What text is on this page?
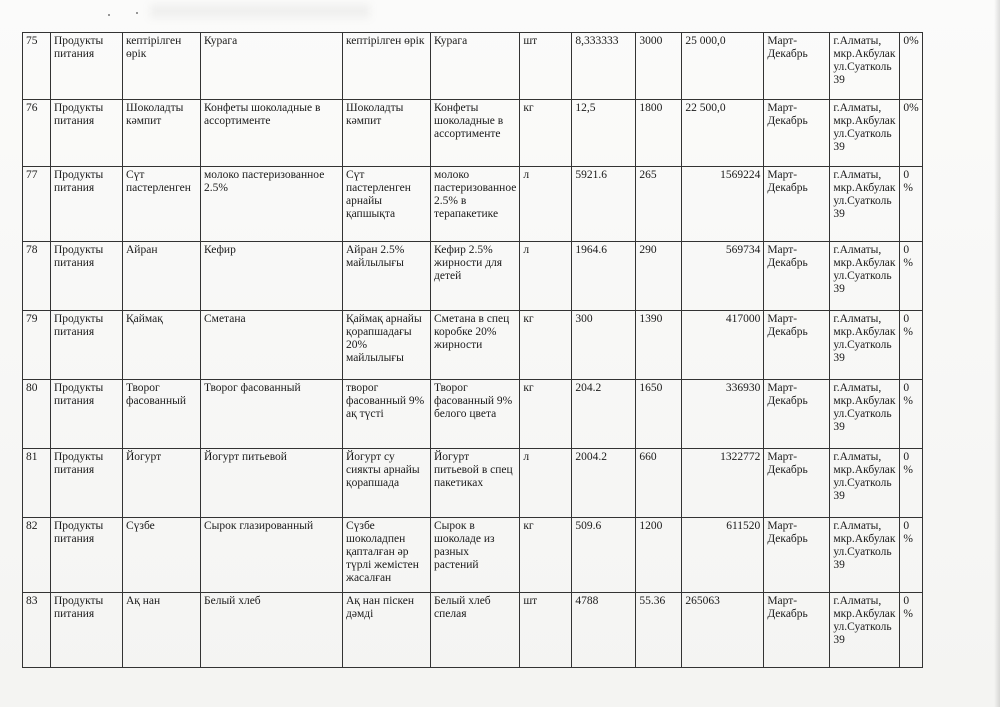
75	Продукты питания	кептірілген өрік	Курага	кептірілген өрік	Курага	шт	8,333333	3000	25 000,0	Март-Декабрь	г.Алматы, мкр.Акбулак ул.Суатколь 39	0%
76	Продукты питания	Шоколадты кәмпит	Конфеты шоколадные в ассортименте	Шоколадты кәмпит	Конфеты шоколадные в ассортименте	кг	12,5	1800	22 500,0	Март-Декабрь	г.Алматы, мкр.Акбулак ул.Суатколь 39	0%
77	Продукты питания	Сүт пастерленген	молоко пастеризованное 2.5%	Сүт пастерленген арнайы қапшықта	молоко пастеризованное 2.5% в терапакетике	л	5921.6	265	1569224	Март-Декабрь	г.Алматы, мкр.Акбулак ул.Суатколь 39	0 %
78	Продукты питания	Айран	Кефир	Айран 2.5% майлылығы	Кефир 2.5% жирности для детей	л	1964.6	290	569734	Март-Декабрь	г.Алматы, мкр.Акбулак ул.Суатколь 39	0 %
79	Продукты питания	Қаймақ	Сметана	Қаймақ арнайы қорапшадағы 20% майлылығы	Сметана в спец коробке 20% жирности	кг	300	1390	417000	Март-Декабрь	г.Алматы, мкр.Акбулак ул.Суатколь 39	0 %
80	Продукты питания	Творог фасованный	Творог фасованный	творог фасованный 9% ақ түсті	Творог фасованный 9% белого цвета	кг	204.2	1650	336930	Март-Декабрь	г.Алматы, мкр.Акбулак ул.Суатколь 39	0 %
81	Продукты питания	Йогурт	Йогурт питьевой	Йогурт су сиякты арнайы қорапшада	Йогурт питьевой в спец пакетиках	л	2004.2	660	1322772	Март-Декабрь	г.Алматы, мкр.Акбулак ул.Суатколь 39	0 %
82	Продукты питания	Сүзбе	Сырок глазированный	Сүзбе шоколадпен қапталған әр түрлі жемістен жасалған	Сырок в шоколаде из разных растений	кг	509.6	1200	611520	Март-Декабрь	г.Алматы, мкр.Акбулак ул.Суатколь 39	0 %
83	Продукты питания	Ақ нан	Белый хлеб	Ақ нан піскен дәмді	Белый хлеб спелая	шт	4788	55.36	265063	Март-Декабрь	г.Алматы, мкр.Акбулак ул.Суатколь 39	0 %
